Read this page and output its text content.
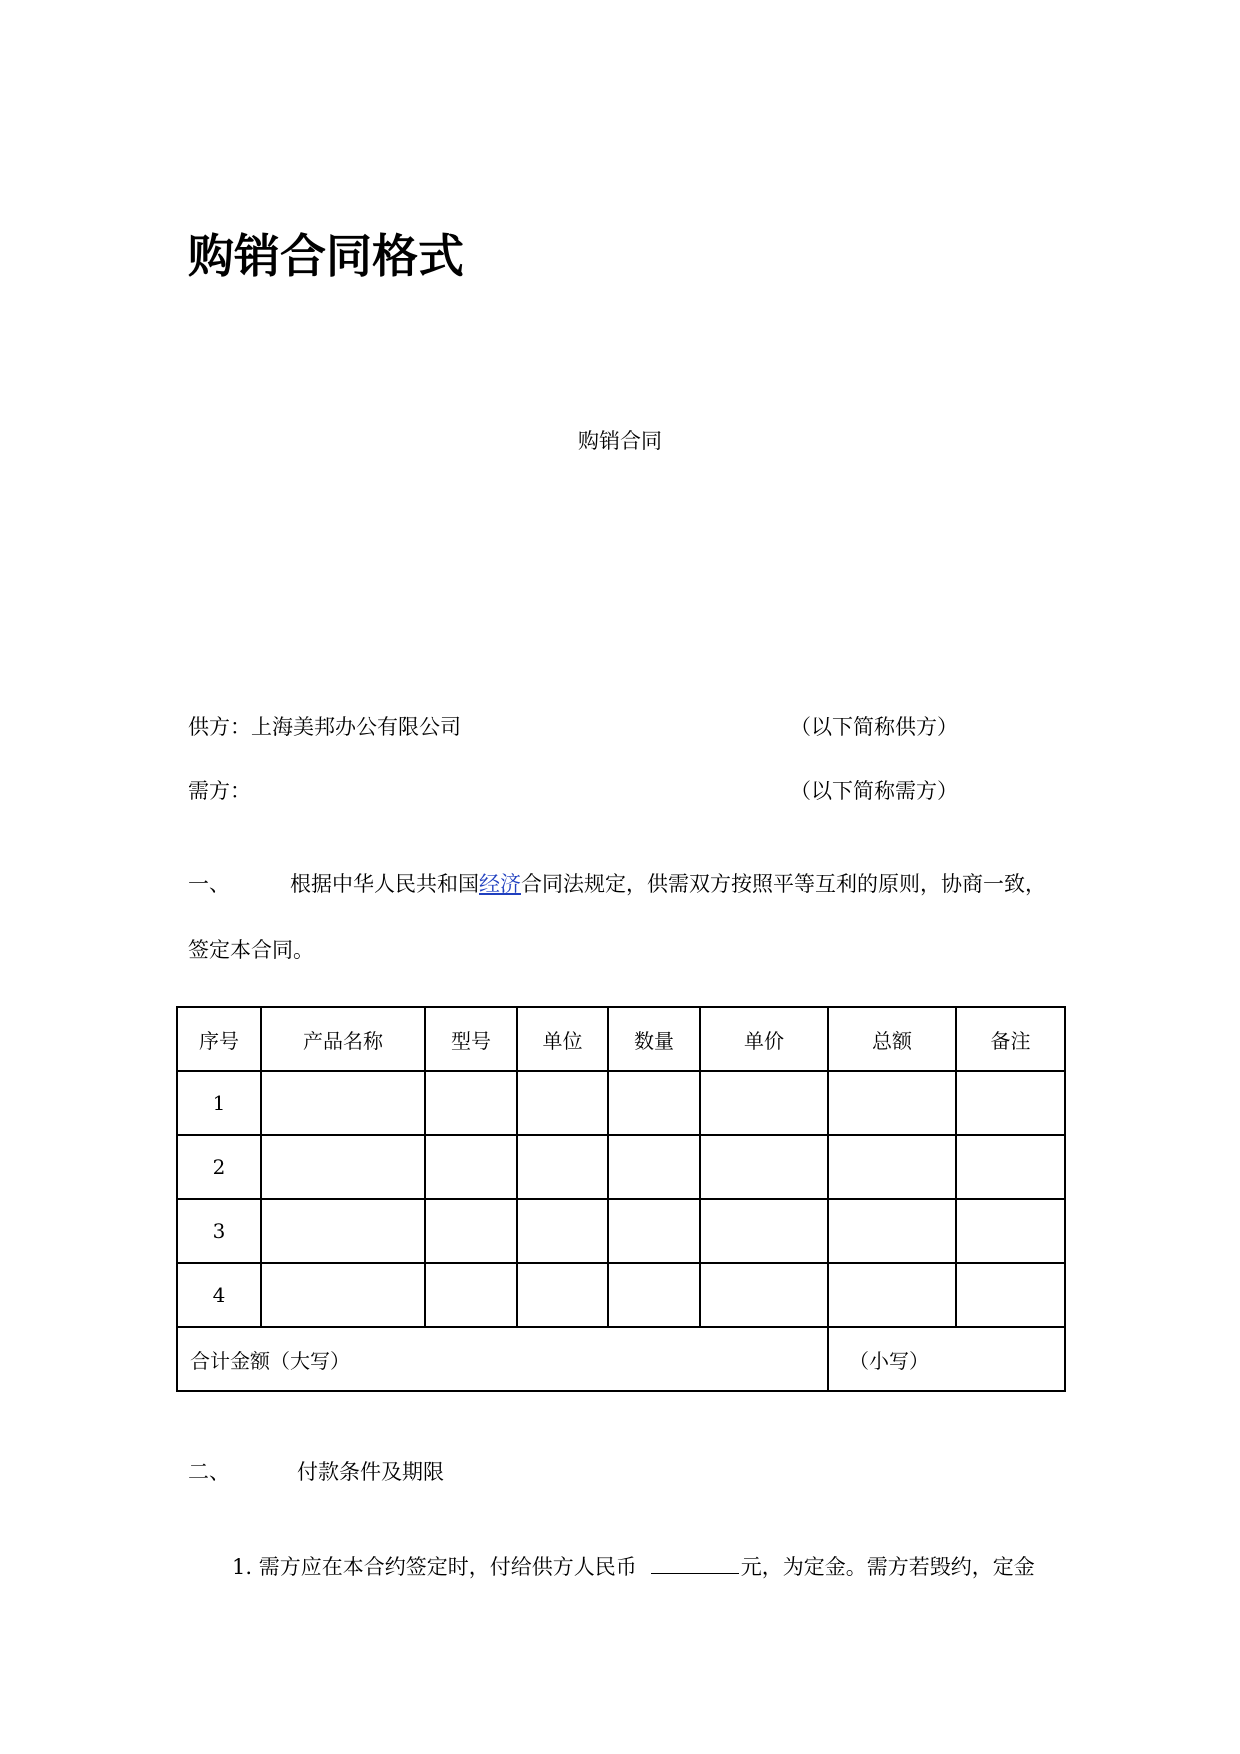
购销合同格式
购销合同
供方：上海美邦办公有限公司	（以下简称供方）
需方：	（以下简称需方）
一、	根据中华人民共和国经济合同法规定，供需双方按照平等互利的原则，协商一致，
签定本合同。
序号	产品名称	型号	单位	数量	单价	总额	备注
1							
2							
3							
4							
合计金额（大写）						（小写）	
二、	付款条件及期限
1. 需方应在本合约签定时，付给供方人民币	元，为定金。需方若毁约，定金
